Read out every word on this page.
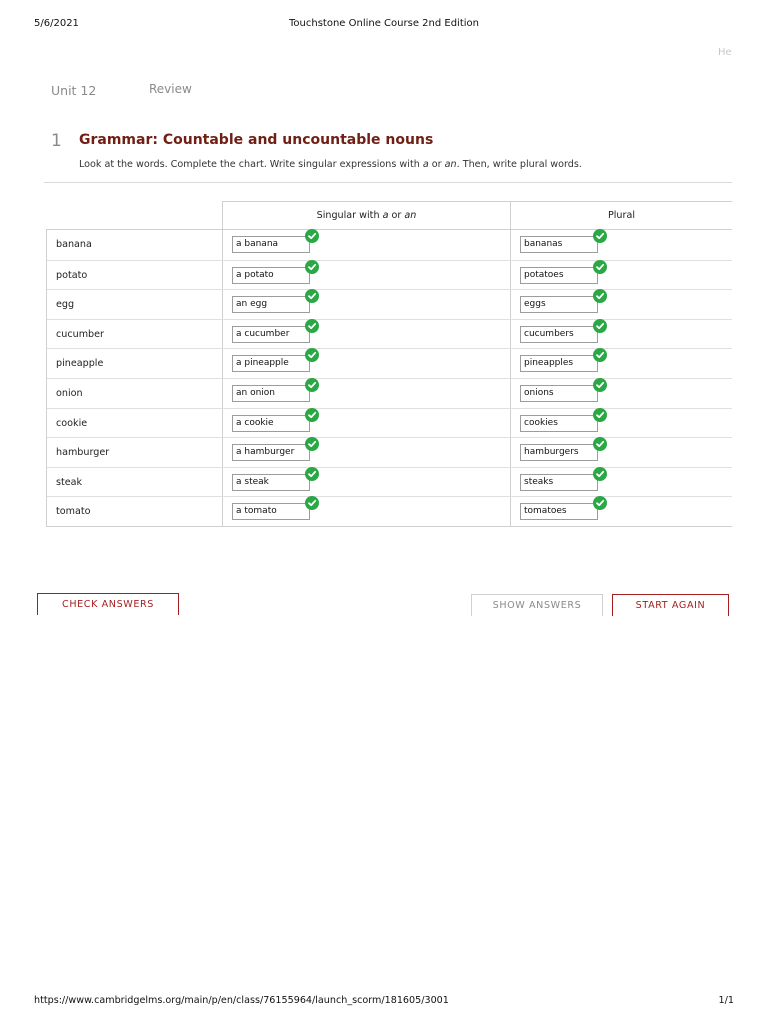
5/6/2021	Touchstone Online Course 2nd Edition
He
Unit 12	Review
1 Grammar: Countable and uncountable nouns
Look at the words. Complete the chart. Write singular expressions with a or an. Then, write plural words.
Singular with a or an	Plural
banana	a banana	bananas
potato	a potato	potatoes
egg	an egg	eggs
cucumber	a cucumber	cucumbers
pineapple	a pineapple	pineapples
onion	an onion	onions
cookie	a cookie	cookies
hamburger	a hamburger	hamburgers
steak	a steak	steaks
tomato	a tomato	tomatoes
CHECK ANSWERS	SHOW ANSWERS	START AGAIN
https://www.cambridgelms.org/main/p/en/class/76155964/launch_scorm/181605/3001	1/1
